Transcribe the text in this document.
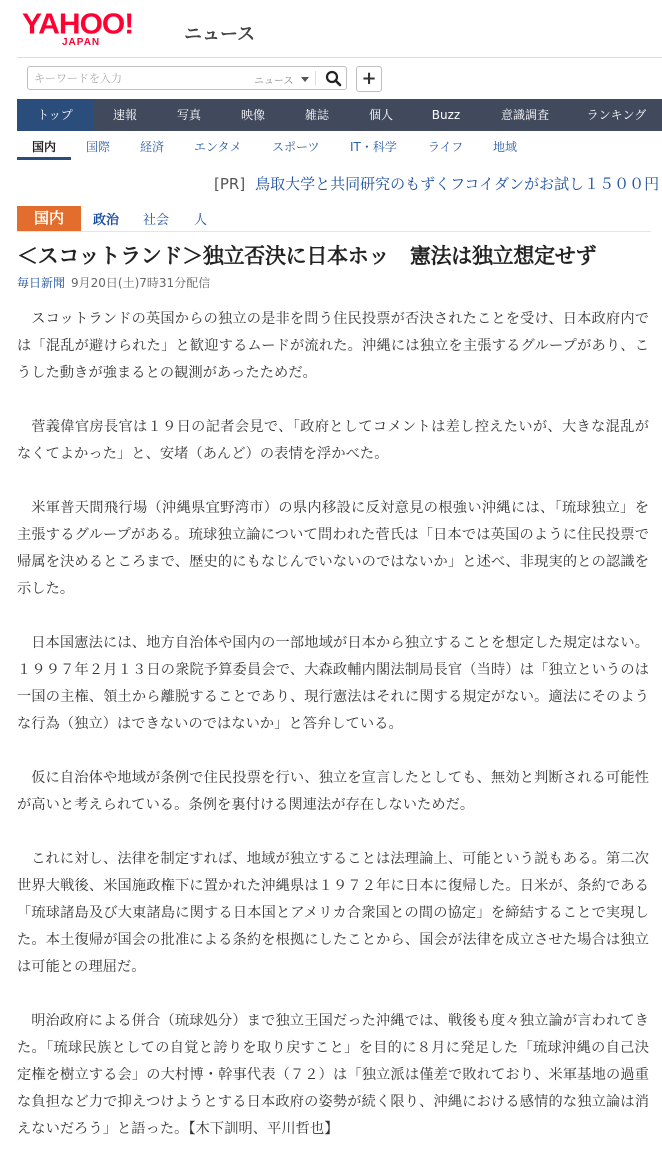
YAHOO!
JAPAN	ニュース
キーワードを入力
ニュース	+
トップ	速報	写真	映像	雑誌	個人	Buzz	意識調査	ランキング
国内 国際 経済 エンタメ	スポーツ	IT・科学	ライフ 地域
[PR] 鳥取大学と共同研究のもずくフコイダンがお試し１５００円
国内	政治 社会 人
＜スコットランド＞独立否決に日本ホッ　憲法は独立想定せず
毎日新聞 9月20日(土)7時31分配信

スコットランドの英国からの独立の是非を問う住民投票が否決されたことを受け、日本政府内では「混乱が避けられた」と歓迎するムードが流れた。沖縄には独立を主張するグループがあり、こうした動きが強まるとの観測があったためだ。

菅義偉官房長官は１９日の記者会見で、「政府としてコメントは差し控えたいが、大きな混乱がなくてよかった」と、安堵（あんど）の表情を浮かべた。

米軍普天間飛行場（沖縄県宜野湾市）の県内移設に反対意見の根強い沖縄には、「琉球独立」を主張するグループがある。琉球独立論について問われた菅氏は「日本では英国のように住民投票で帰属を決めるところまで、歴史的にもなじんでいないのではないか」と述べ、非現実的との認識を示した。

日本国憲法には、地方自治体や国内の一部地域が日本から独立することを想定した規定はない。１９９７年２月１３日の衆院予算委員会で、大森政輔内閣法制局長官（当時）は「独立というのは一国の主権、領土から離脱することであり、現行憲法はそれに関する規定がない。適法にそのような行為（独立）はできないのではないか」と答弁している。

仮に自治体や地域が条例で住民投票を行い、独立を宣言したとしても、無効と判断される可能性が高いと考えられている。条例を裏付ける関連法が存在しないためだ。

これに対し、法律を制定すれば、地域が独立することは法理論上、可能という説もある。第二次世界大戦後、米国施政権下に置かれた沖縄県は１９７２年に日本に復帰した。日米が、条約である「琉球諸島及び大東諸島に関する日本国とアメリカ合衆国との間の協定」を締結することで実現した。本土復帰が国会の批准による条約を根拠にしたことから、国会が法律を成立させた場合は独立は可能との理屈だ。

明治政府による併合（琉球処分）まで独立王国だった沖縄では、戦後も度々独立論が言われてきた。「琉球民族としての自覚と誇りを取り戻すこと」を目的に８月に発足した「琉球沖縄の自己決定権を樹立する会」の大村博・幹事代表（７２）は「独立派は僅差で敗れており、米軍基地の過重な負担など力で抑えつけようとする日本政府の姿勢が続く限り、沖縄における感情的な独立論は消えないだろう」と語った。【木下訓明、平川哲也】
